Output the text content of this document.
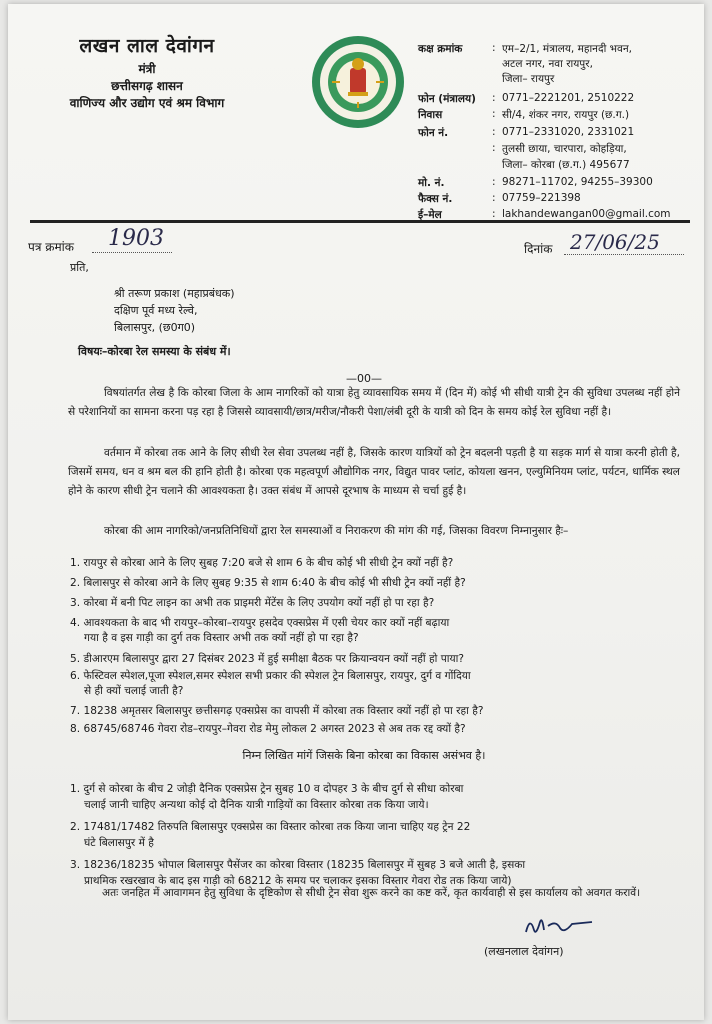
लखन लाल देवांगन
मंत्री
छत्तीसगढ़ शासन
वाणिज्य और उद्योग एवं श्रम विभाग
कक्ष क्रमांक	: एम–2/1, मंत्रालय, महानदी भवन,
अटल नगर, नवा रायपुर,
जिला– रायपुर
फोन (मंत्रालय)	: 0771–2221201, 2510222
निवास	: सी/4, शंकर नगर, रायपुर (छ.ग.)
फोन नं.	: 0771–2331020, 2331021
: तुलसी छाया, चारपारा, कोहड़िया,
जिला– कोरबा (छ.ग.) 495677
मो. नं.	: 98271–11702, 94255–39300
फैक्स नं.	: 07759–221398
ई–मेल	: lakhandewangan00@gmail.com
पत्र क्रमांक 1903	दिनांक 27/06/25
प्रति,
श्री तरूण प्रकाश (महाप्रबंधक)
दक्षिण पूर्व मध्य रेल्वे,
बिलासपुर, (छ0ग0)
विषयः–कोरबा रेल समस्या के संबंध में।
—00—
विषयांतर्गत लेख है कि कोरबा जिला के आम नागरिकों को यात्रा हेतु व्यावसायिक समय में (दिन में) कोई भी सीधी यात्री ट्रेन की सुविधा उपलब्ध नहीं होने से परेशानियों का सामना करना पड़ रहा है जिससे व्यावसायी/छात्र/मरीज/नौकरी पेशा/लंबी दूरी के यात्री को दिन के समय कोई रेल सुविधा नहीं है।
वर्तमान में कोरबा तक आने के लिए सीधी रेल सेवा उपलब्ध नहीं है, जिसके कारण यात्रियों को ट्रेन बदलनी पड़ती है या सड़क मार्ग से यात्रा करनी होती है, जिसमें समय, धन व श्रम बल की हानि होती है। कोरबा एक महत्वपूर्ण औद्योगिक नगर, विद्युत पावर प्लांट, कोयला खनन, एल्युमिनियम प्लांट, पर्यटन, धार्मिक स्थल होने के कारण सीधी ट्रेन चलाने की आवश्यकता है। उक्त संबंध में आपसे दूरभाष के माध्यम से चर्चा हुई है।
कोरबा की आम नागरिको/जनप्रतिनिधियों द्वारा रेल समस्याओं व निराकरण की मांग की गई, जिसका विवरण निम्नानुसार हैः–
1. रायपुर से कोरबा आने के लिए सुबह 7:20 बजे से शाम 6 के बीच कोई भी सीधी ट्रेन क्यों नहीं है?
2. बिलासपुर से कोरबा आने के लिए सुबह 9:35 से शाम 6:40 के बीच कोई भी सीधी ट्रेन क्यों नहीं है?
3. कोरबा में बनी पिट लाइन का अभी तक प्राइमरी मेंटेंस के लिए उपयोग क्यों नहीं हो पा रहा है?
4. आवश्यकता के बाद भी रायपुर–कोरबा–रायपुर हसदेव एक्सप्रेस में एसी चेयर कार क्यों नहीं बढ़ाया
गया है व इस गाड़ी का दुर्ग तक विस्तार अभी तक क्यों नहीं हो पा रहा है?
5. डीआरएम बिलासपुर द्वारा 27 दिसंबर 2023 में हुई समीक्षा बैठक पर क्रियान्वयन क्यों नहीं हो पाया?
6. फेस्टिवल स्पेशल,पूजा स्पेशल,समर स्पेशल सभी प्रकार की स्पेशल ट्रेन बिलासपुर, रायपुर, दुर्ग व गोंदिया
से ही क्यों चलाई जाती है?
7. 18238 अमृतसर बिलासपुर छत्तीसगढ़ एक्सप्रेस का वापसी में कोरबा तक विस्तार क्यों नहीं हो पा रहा है?
8. 68745/68746 गेवरा रोड–रायपुर–गेवरा रोड मेमु लोकल 2 अगस्त 2023 से अब तक रद्द क्यों है?
निम्न लिखित मांगें जिसके बिना कोरबा का विकास असंभव है।
1. दुर्ग से कोरबा के बीच 2 जोड़ी दैनिक एक्सप्रेस ट्रेन सुबह 10 व दोपहर 3 के बीच दुर्ग से सीधा कोरबा
चलाई जानी चाहिए अन्यथा कोई दो दैनिक यात्री गाड़ियों का विस्तार कोरबा तक किया जाये।
2. 17481/17482 तिरुपति बिलासपुर एक्सप्रेस का विस्तार कोरबा तक किया जाना चाहिए यह ट्रेन 22
घंटे बिलासपुर में है
3. 18236/18235 भोपाल बिलासपुर पैसेंजर का कोरबा विस्तार (18235 बिलासपुर में सुबह 3 बजे आती है, इसका
प्राथमिक रखरखाव के बाद इस गाड़ी को 68212 के समय पर चलाकर इसका विस्तार गेवरा रोड तक किया जाये)
अतः जनहित में आवागमन हेतु सुविधा के दृष्टिकोण से सीधी ट्रेन सेवा शुरू करने का कष्ट करें, कृत कार्यवाही से इस कार्यालय को अवगत करावें।
(लखनलाल देवांगन)
